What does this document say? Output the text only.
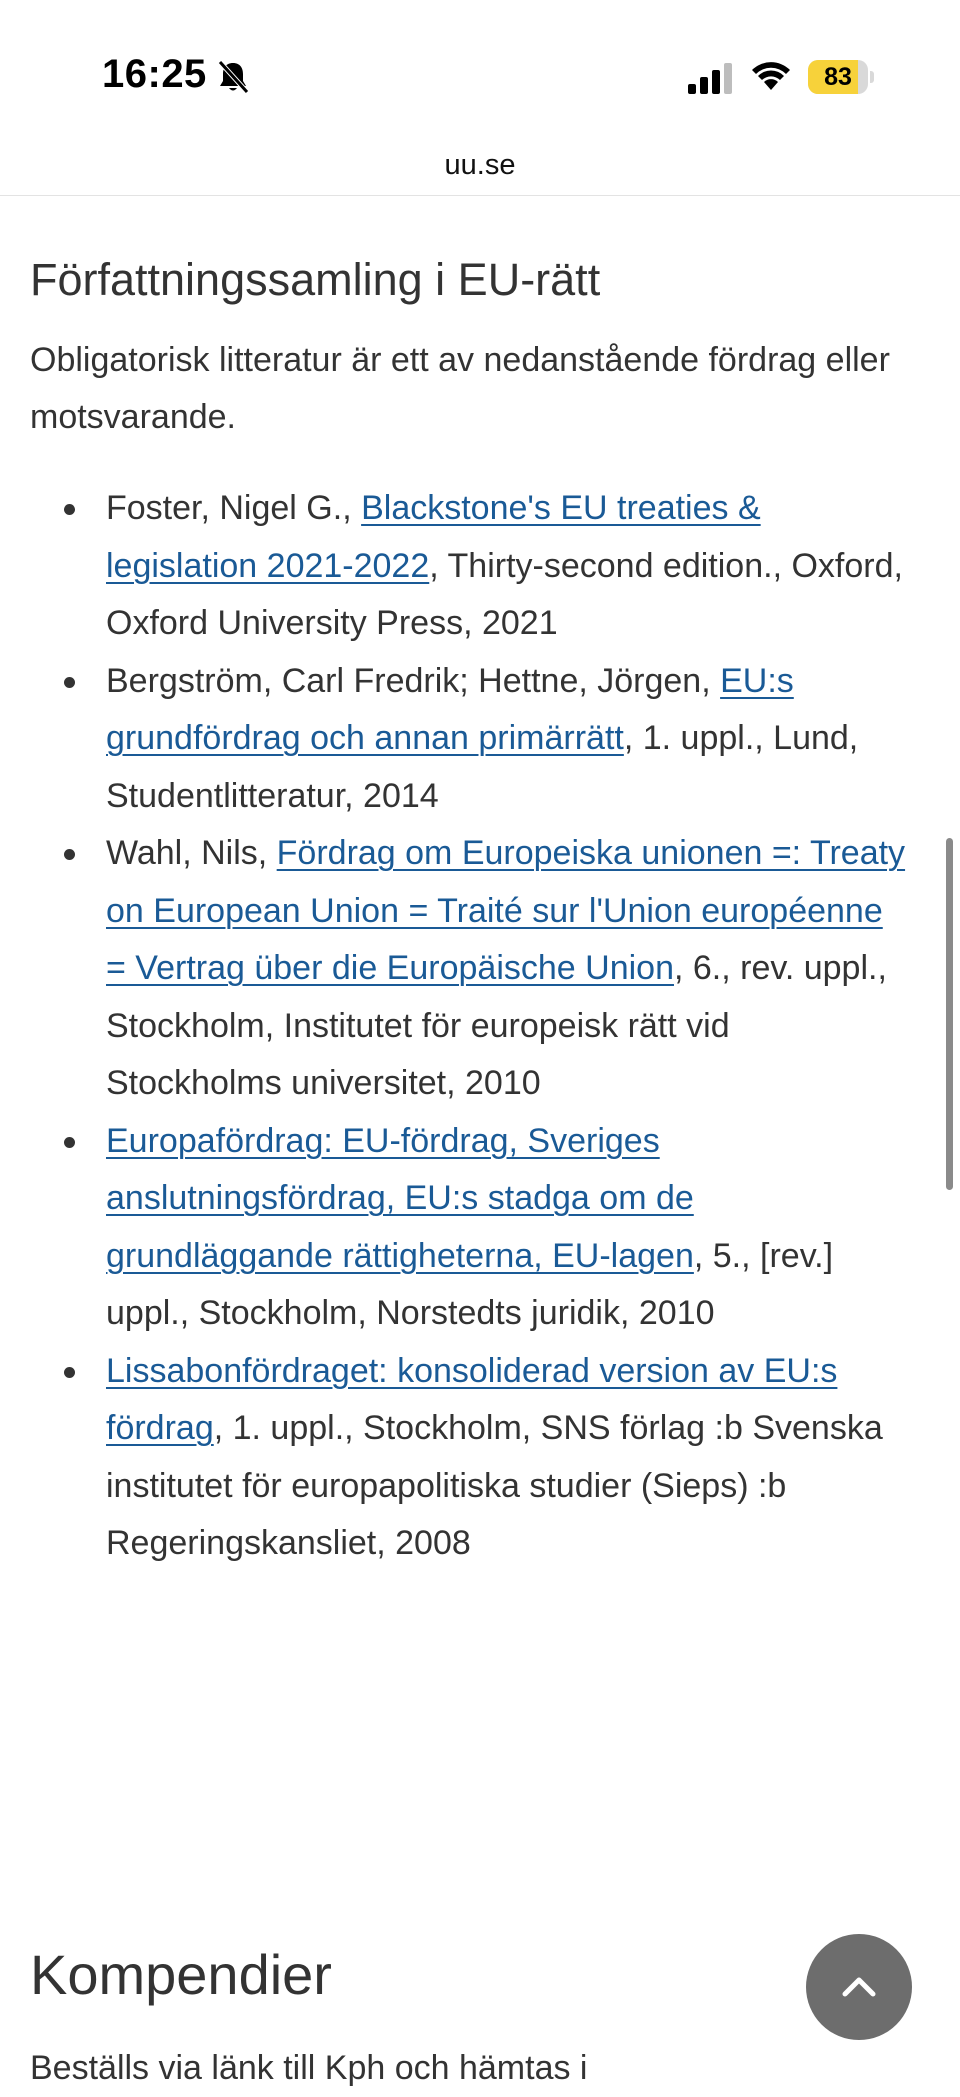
16:25	83
uu.se
Författningssamling i EU-rätt

Obligatorisk litteratur är ett av nedanstående fördrag eller motsvarande.

Foster, Nigel G., Blackstone's EU treaties & legislation 2021-2022, Thirty-second edition., Oxford, Oxford University Press, 2021
Bergström, Carl Fredrik; Hettne, Jörgen, EU:s grundfördrag och annan primärrätt, 1. uppl., Lund, Studentlitteratur, 2014
Wahl, Nils, Fördrag om Europeiska unionen =: Treaty on European Union = Traité sur l'Union européenne = Vertrag über die Europäische Union, 6., rev. uppl., Stockholm, Institutet för europeisk rätt vid Stockholms universitet, 2010
Europafördrag: EU-fördrag, Sveriges anslutningsfördrag, EU:s stadga om de grundläggande rättigheterna, EU-lagen, 5., [rev.] uppl., Stockholm, Norstedts juridik, 2010
Lissabonfördraget: konsoliderad version av EU:s fördrag, 1. uppl., Stockholm, SNS förlag :b Svenska institutet för europapolitiska studier (Sieps) :b Regeringskansliet, 2008
Kompendier
Beställs via länk till Kph och hämtas i
